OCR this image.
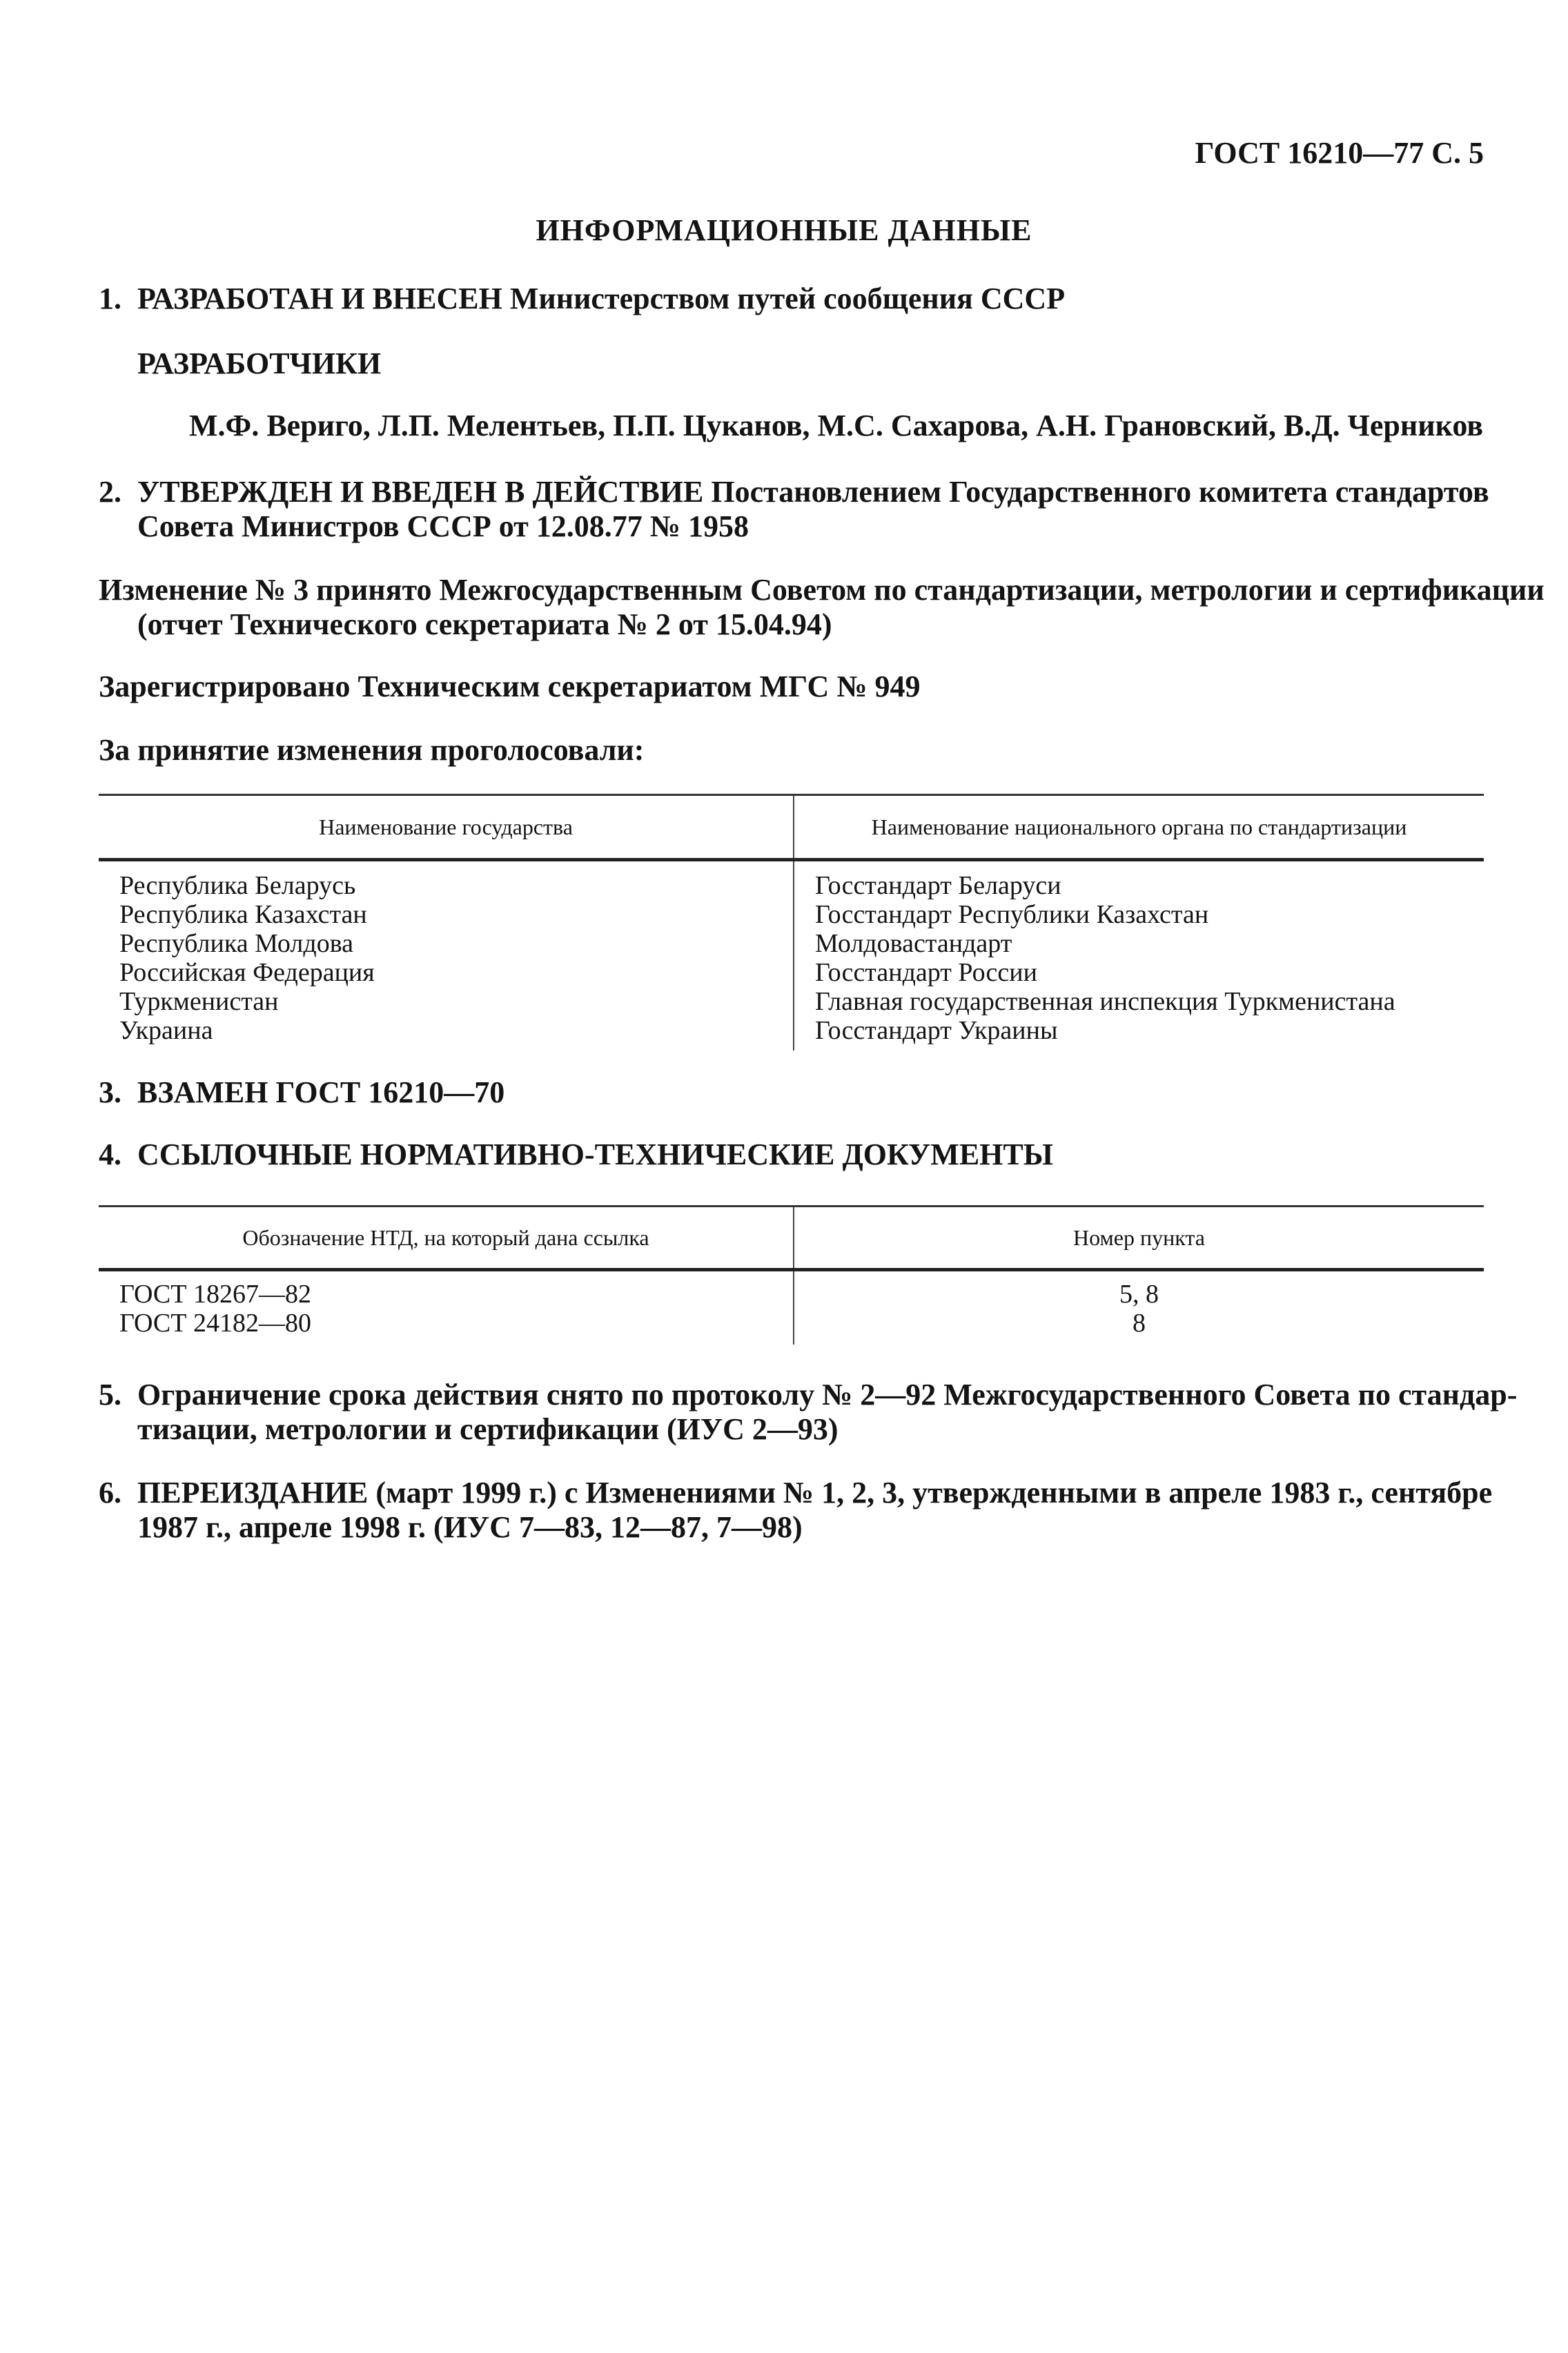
ГОСТ 16210—77 С. 5
ИНФОРМАЦИОННЫЕ ДАННЫЕ
1. РАЗРАБОТАН И ВНЕСЕН Министерством путей сообщения СССР
РАЗРАБОТЧИКИ
М.Ф. Вериго, Л.П. Мелентьев, П.П. Цуканов, М.С. Сахарова, А.Н. Грановский, В.Д. Черников
2. УТВЕРЖДЕН И ВВЕДЕН В ДЕЙСТВИЕ Постановлением Государственного комитета стандартов
Совета Министров СССР от 12.08.77 № 1958
Изменение № 3 принято Межгосударственным Советом по стандартизации, метрологии и сертификации
(отчет Технического секретариата № 2 от 15.04.94)
Зарегистрировано Техническим секретариатом МГС № 949
За принятие изменения проголосовали:
Наименование государства	Наименование национального органа по стандартизации
Республика Беларусь	Госстандарт Беларуси
Республика Казахстан	Госстандарт Республики Казахстан
Республика Молдова	Молдовастандарт
Российская Федерация	Госстандарт России
Туркменистан	Главная государственная инспекция Туркменистана
Украина	Госстандарт Украины
3. ВЗАМЕН ГОСТ 16210—70
4. ССЫЛОЧНЫЕ НОРМАТИВНО-ТЕХНИЧЕСКИЕ ДОКУМЕНТЫ
Обозначение НТД, на который дана ссылка	Номер пункта
ГОСТ 18267—82	5, 8
ГОСТ 24182—80	8
5. Ограничение срока действия снято по протоколу № 2—92 Межгосударственного Совета по стандар-
тизации, метрологии и сертификации (ИУС 2—93)
6. ПЕРЕИЗДАНИЕ (март 1999 г.) с Изменениями № 1, 2, 3, утвержденными в апреле 1983 г., сентябре
1987 г., апреле 1998 г. (ИУС 7—83, 12—87, 7—98)
